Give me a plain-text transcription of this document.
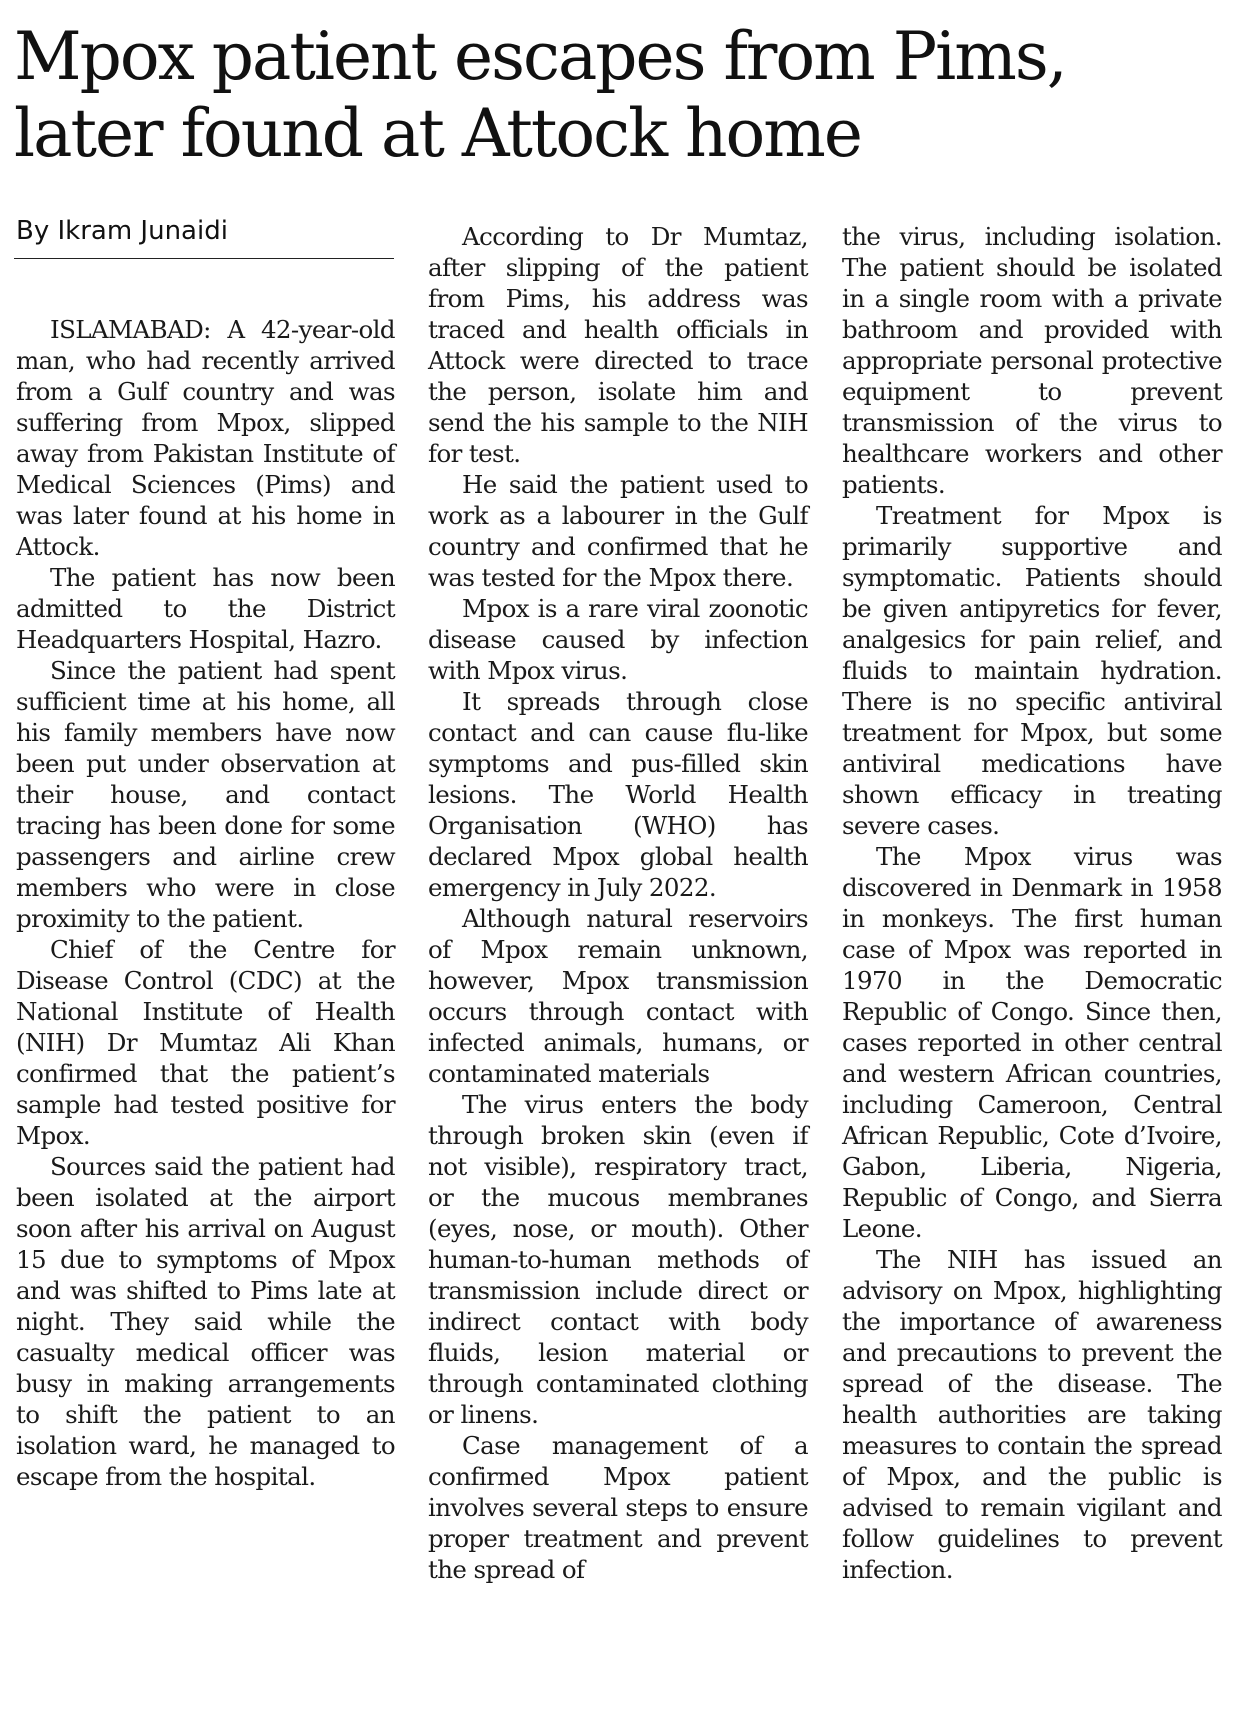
Mpox patient escapes from Pims, later found at Attock home
By Ikram Junaidi

ISLAMABAD: A 42-year-old man, who had recently arrived from a Gulf country and was suffering from Mpox, slipped away from Pakistan Institute of Medical Sciences (Pims) and was later found at his home in Attock.

The patient has now been admitted to the District Headquarters Hospital, Hazro.

Since the patient had spent sufficient time at his home, all his family members have now been put under observation at their house, and contact tracing has been done for some passengers and airline crew members who were in close proximity to the patient.

Chief of the Centre for Disease Control (CDC) at the National Institute of Health (NIH) Dr Mumtaz Ali Khan confirmed that the patient’s sample had tested positive for Mpox.

Sources said the patient had been isolated at the airport soon after his arrival on August 15 due to symptoms of Mpox and was shifted to Pims late at night. They said while the casualty medical officer was busy in making arrangements to shift the patient to an isolation ward, he managed to escape from the hospital.

According to Dr Mumtaz, after slipping of the patient from Pims, his address was traced and health officials in Attock were directed to trace the person, isolate him and send the his sample to the NIH for test.

He said the patient used to work as a labourer in the Gulf country and confirmed that he was tested for the Mpox there.

Mpox is a rare viral zoonotic disease caused by infection with Mpox virus.

It spreads through close contact and can cause flu-like symptoms and pus-filled skin lesions. The World Health Organisation (WHO) has declared Mpox global health emergency in July 2022.

Although natural reservoirs of Mpox remain unknown, however, Mpox transmission occurs through contact with infected animals, humans, or contaminated materials

The virus enters the body through broken skin (even if not visible), respiratory tract, or the mucous membranes (eyes, nose, or mouth). Other human-to-human methods of transmission include direct or indirect contact with body fluids, lesion material or through contaminated clothing or linens.

Case management of a confirmed Mpox patient involves several steps to ensure proper treatment and prevent the spread of

the virus, including isolation. The patient should be isolated in a single room with a private bathroom and provided with appropriate personal protective equipment to prevent transmission of the virus to healthcare workers and other patients.

Treatment for Mpox is primarily supportive and symptomatic. Patients should be given antipyretics for fever, analgesics for pain relief, and fluids to maintain hydration. There is no specific antiviral treatment for Mpox, but some antiviral medications have shown efficacy in treating severe cases.

The Mpox virus was discovered in Denmark in 1958 in monkeys. The first human case of Mpox was reported in 1970 in the Democratic Republic of Congo. Since then, cases reported in other central and western African countries, including Cameroon, Central African Republic, Cote d’Ivoire, Gabon, Liberia, Nigeria, Republic of Congo, and Sierra Leone.

The NIH has issued an advisory on Mpox, highlighting the importance of awareness and precautions to prevent the spread of the disease. The health authorities are taking measures to contain the spread of Mpox, and the public is advised to remain vigilant and follow guidelines to prevent infection.
